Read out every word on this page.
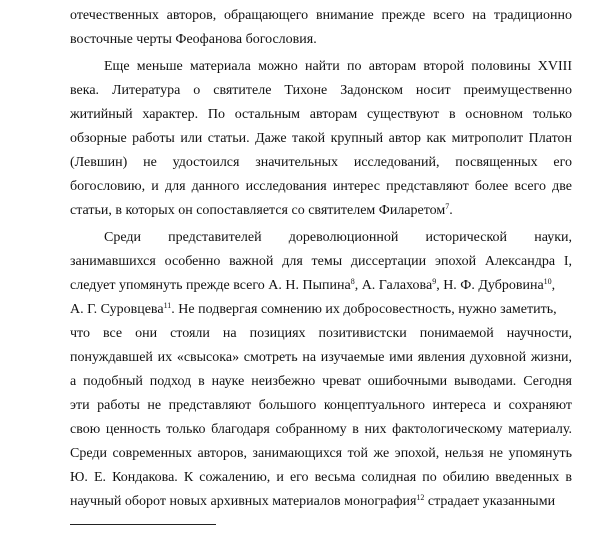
отечественных авторов, обращающего внимание прежде всего на традиционно
восточные черты Феофанова богословия.
Еще меньше материала можно найти по авторам второй половины XVIII
века. Литература о святителе Тихоне Задонском носит преимущественно
житийный характер. По остальным авторам существуют в основном только
обзорные работы или статьи. Даже такой крупный автор как митрополит Платон
(Левшин) не удостоился значительных исследований, посвященных его
богословию, и для данного исследования интерес представляют более всего две
статьи, в которых он сопоставляется со святителем Филаретом$^7$.
Среди представителей дореволюционной исторической науки,
занимавшихся особенно важной для темы диссертации эпохой Александра I,
следует упомянуть прежде всего А. Н. Пыпина$^8$, А. Галахова$^9$, Н. Ф. Дубровина$^{10}$,
А. Г. Суровцева$^{11}$. Не подвергая сомнению их добросовестность, нужно заметить,
что все они стояли на позициях позитивистски понимаемой научности,
понуждавшей их «свысока» смотреть на изучаемые ими явления духовной жизни,
а подобный подход в науке неизбежно чреват ошибочными выводами. Сегодня
эти работы не представляют большого концептуального интереса и сохраняют
свою ценность только благодаря собранному в них фактологическому материалу.
Среди современных авторов, занимающихся той же эпохой, нельзя не упомянуть
Ю. Е. Кондакова. К сожалению, и его весьма солидная по обилию введенных в
научный оборот новых архивных материалов монография$^{12}$ страдает указанными
